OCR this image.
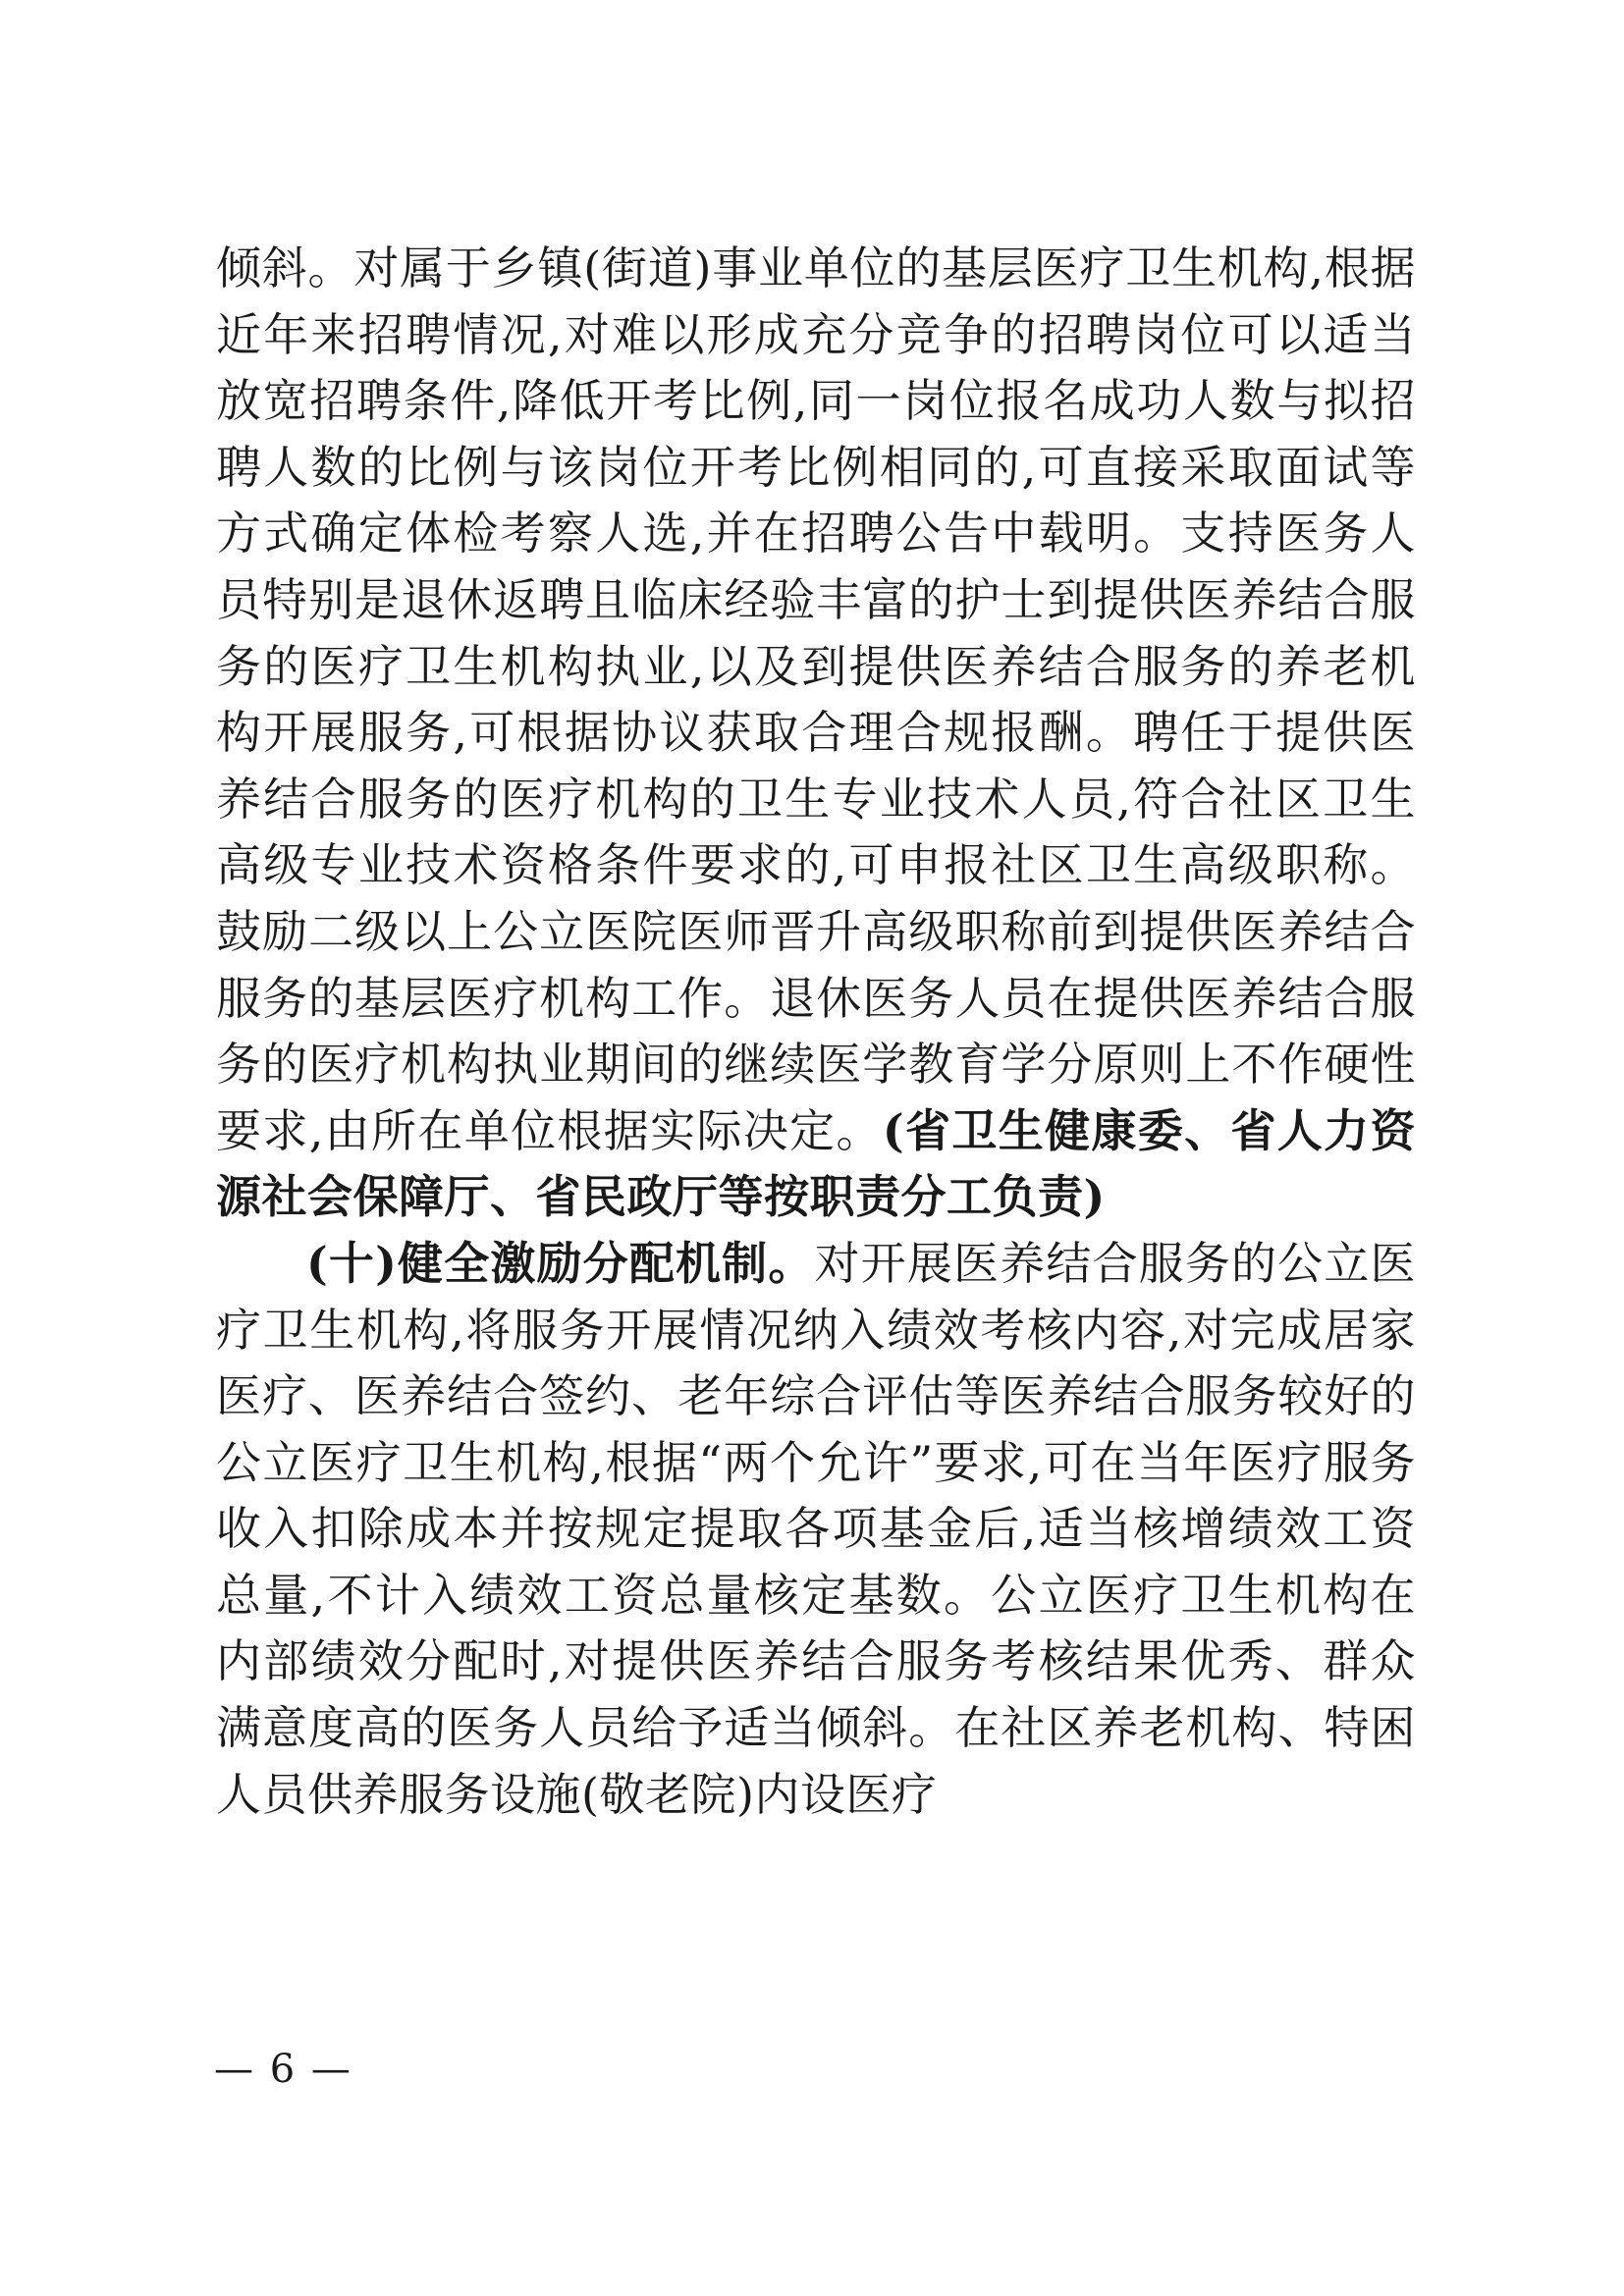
倾斜。对属于乡镇(街道)事业单位的基层医疗卫生机构,根据近年来招聘情况,对难以形成充分竞争的招聘岗位可以适当放宽招聘条件,降低开考比例,同一岗位报名成功人数与拟招聘人数的比例与该岗位开考比例相同的,可直接采取面试等方式确定体检考察人选,并在招聘公告中载明。支持医务人员特别是退休返聘且临床经验丰富的护士到提供医养结合服务的医疗卫生机构执业,以及到提供医养结合服务的养老机构开展服务,可根据协议获取合理合规报酬。聘任于提供医养结合服务的医疗机构的卫生专业技术人员,符合社区卫生高级专业技术资格条件要求的,可申报社区卫生高级职称。鼓励二级以上公立医院医师晋升高级职称前到提供医养结合服务的基层医疗机构工作。退休医务人员在提供医养结合服务的医疗机构执业期间的继续医学教育学分原则上不作硬性要求,由所在单位根据实际决定。(省卫生健康委、省人力资源社会保障厅、省民政厅等按职责分工负责)

(十)健全激励分配机制。对开展医养结合服务的公立医疗卫生机构,将服务开展情况纳入绩效考核内容,对完成居家医疗、医养结合签约、老年综合评估等医养结合服务较好的公立医疗卫生机构,根据“两个允许”要求,可在当年医疗服务收入扣除成本并按规定提取各项基金后,适当核增绩效工资总量,不计入绩效工资总量核定基数。公立医疗卫生机构在内部绩效分配时,对提供医养结合服务考核结果优秀、群众满意度高的医务人员给予适当倾斜。在社区养老机构、特困人员供养服务设施(敬老院)内设医疗

— 6 —
